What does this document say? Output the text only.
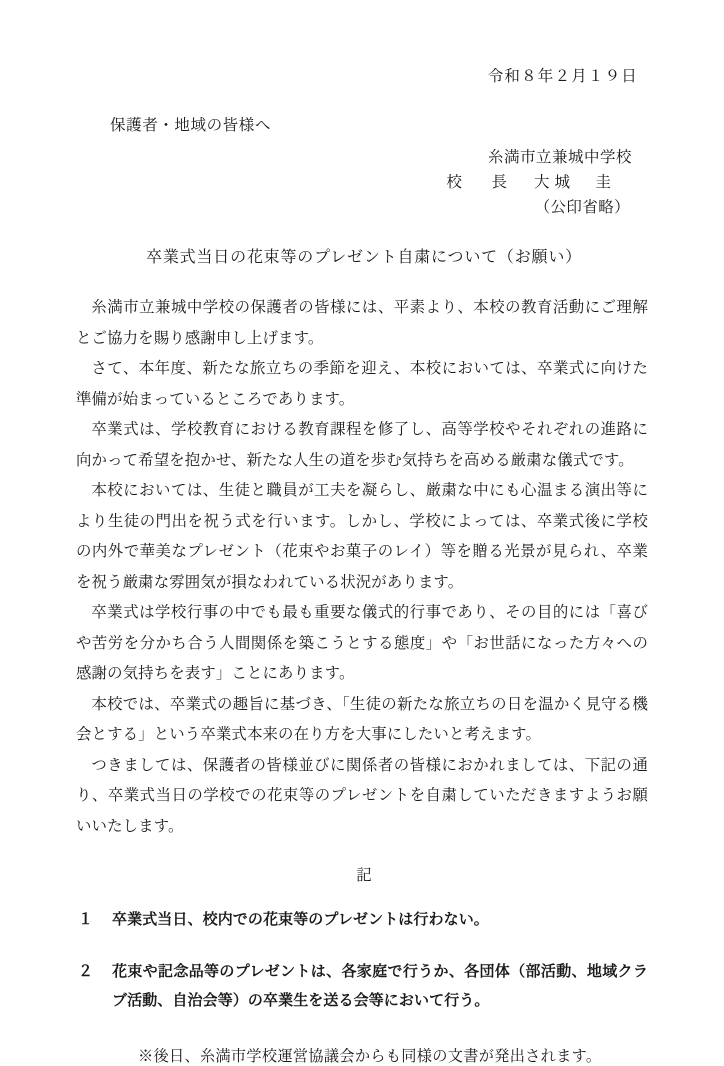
令和８年２月１９日
保護者・地域の皆様へ
糸満市立兼城中学校
校　長 大城　圭
（公印省略）
卒業式当日の花束等のプレゼント自粛について（お願い）

糸満市立兼城中学校の保護者の皆様には、平素より、本校の教育活動にご理解とご協力を賜り感謝申し上げます。

さて、本年度、新たな旅立ちの季節を迎え、本校においては、卒業式に向けた準備が始まっているところであります。

卒業式は、学校教育における教育課程を修了し、高等学校やそれぞれの進路に向かって希望を抱かせ、新たな人生の道を歩む気持ちを高める厳粛な儀式です。

本校においては、生徒と職員が工夫を凝らし、厳粛な中にも心温まる演出等により生徒の門出を祝う式を行います。しかし、学校によっては、卒業式後に学校の内外で華美なプレゼント（花束やお菓子のレイ）等を贈る光景が見られ、卒業を祝う厳粛な雰囲気が損なわれている状況があります。

卒業式は学校行事の中でも最も重要な儀式的行事であり、その目的には「喜びや苦労を分かち合う人間関係を築こうとする態度」や「お世話になった方々への感謝の気持ちを表す」ことにあります。

本校では、卒業式の趣旨に基づき、「生徒の新たな旅立ちの日を温かく見守る機会とする」という卒業式本来の在り方を大事にしたいと考えます。

つきましては、保護者の皆様並びに関係者の皆様におかれましては、下記の通り、卒業式当日の学校での花束等のプレゼントを自粛していただきますようお願いいたします。

記
１	卒業式当日、校内での花束等のプレゼントは行わない。
２	花束や記念品等のプレゼントは、各家庭で行うか、各団体（部活動、地域クラブ活動、自治会等）の卒業生を送る会等において行う。
※後日、糸満市学校運営協議会からも同様の文書が発出されます。
